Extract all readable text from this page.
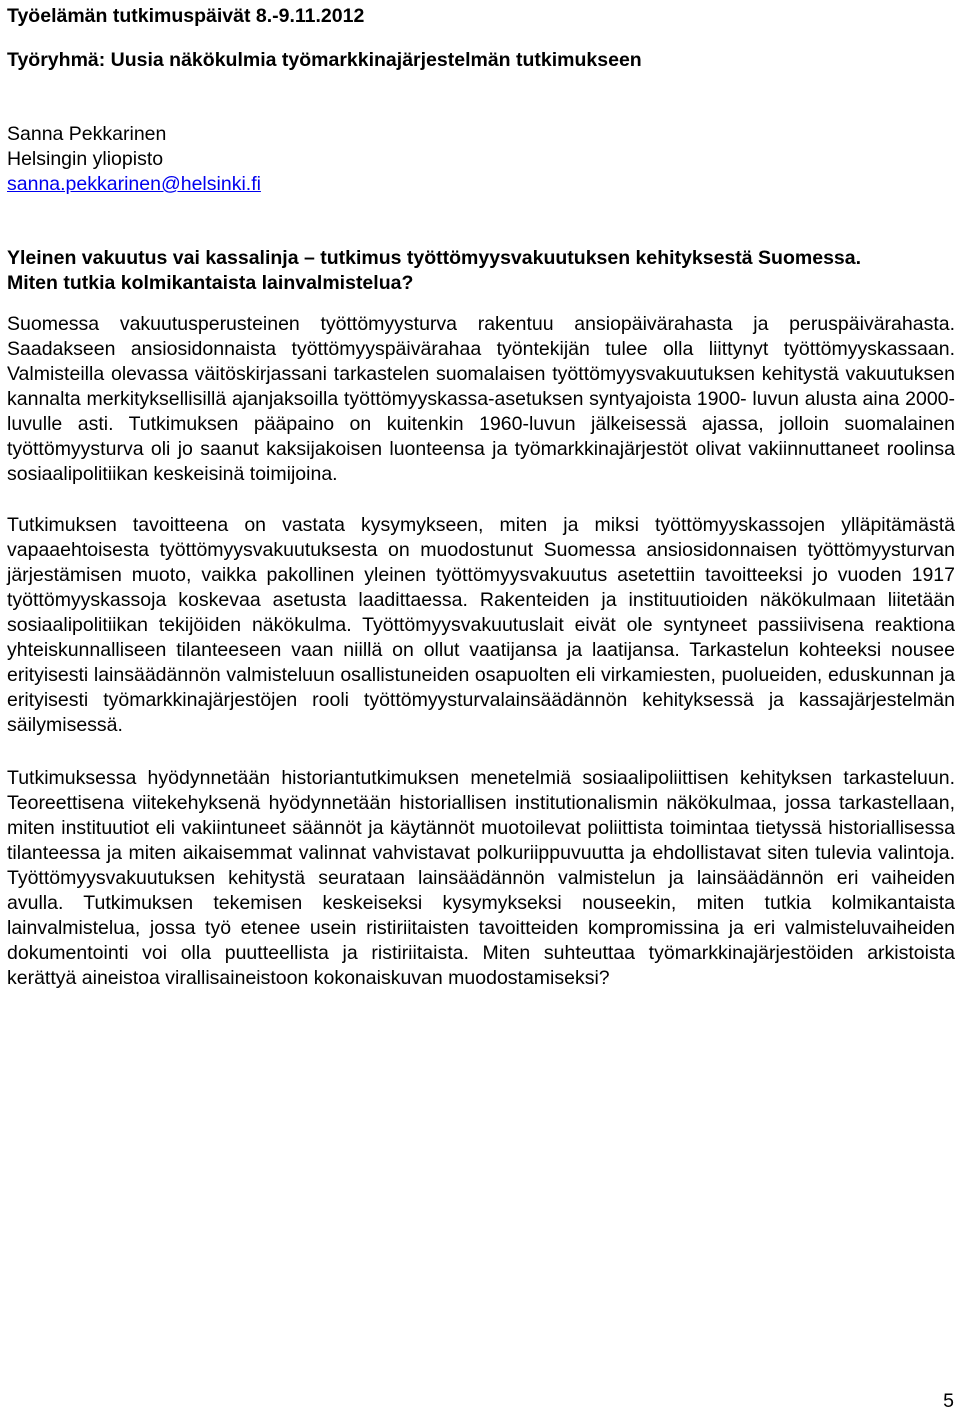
Työelämän tutkimuspäivät 8.-9.11.2012

Työryhmä: Uusia näkökulmia työmarkkinajärjestelmän tutkimukseen

Sanna Pekkarinen

Helsingin yliopisto

sanna.pekkarinen@helsinki.fi

Yleinen vakuutus vai kassalinja – tutkimus työttömyysvakuutuksen kehityksestä Suomessa.

Miten tutkia kolmikantaista lainvalmistelua?

Suomessa vakuutusperusteinen työttömyysturva rakentuu ansiopäivärahasta ja peruspäivärahasta. Saadakseen ansiosidonnaista työttömyyspäivärahaa työntekijän tulee olla liittynyt työttömyyskassaan. Valmisteilla olevassa väitöskirjassani tarkastelen suomalaisen työttömyysvakuutuksen kehitystä vakuutuksen kannalta merkityksellisillä ajanjaksoilla työttömyyskassa-asetuksen syntyajoista 1900- luvun alusta aina 2000-luvulle asti. Tutkimuksen pääpaino on kuitenkin 1960-luvun jälkeisessä ajassa, jolloin suomalainen työttömyysturva oli jo saanut kaksijakoisen luonteensa ja työmarkkinajärjestöt olivat vakiinnuttaneet roolinsa sosiaalipolitiikan keskeisinä toimijoina.

Tutkimuksen tavoitteena on vastata kysymykseen, miten ja miksi työttömyyskassojen ylläpitämästä vapaaehtoisesta työttömyysvakuutuksesta on muodostunut Suomessa ansiosidonnaisen työttömyysturvan järjestämisen muoto, vaikka pakollinen yleinen työttömyysvakuutus asetettiin tavoitteeksi jo vuoden 1917 työttömyyskassoja koskevaa asetusta laadittaessa. Rakenteiden ja instituutioiden näkökulmaan liitetään sosiaalipolitiikan tekijöiden näkökulma. Työttömyysvakuutuslait eivät ole syntyneet passiivisena reaktiona yhteiskunnalliseen tilanteeseen vaan niillä on ollut vaatijansa ja laatijansa. Tarkastelun kohteeksi nousee erityisesti lainsäädännön valmisteluun osallistuneiden osapuolten eli virkamiesten, puolueiden, eduskunnan ja erityisesti työmarkkinajärjestöjen rooli työttömyysturvalainsäädännön kehityksessä ja kassajärjestelmän säilymisessä.

Tutkimuksessa hyödynnetään historiantutkimuksen menetelmiä sosiaalipoliittisen kehityksen tarkasteluun. Teoreettisena viitekehyksenä hyödynnetään historiallisen institutionalismin näkökulmaa, jossa tarkastellaan, miten instituutiot eli vakiintuneet säännöt ja käytännöt muotoilevat poliittista toimintaa tietyssä historiallisessa tilanteessa ja miten aikaisemmat valinnat vahvistavat polkuriippuvuutta ja ehdollistavat siten tulevia valintoja. Työttömyysvakuutuksen kehitystä seurataan lainsäädännön valmistelun ja lainsäädännön eri vaiheiden avulla. Tutkimuksen tekemisen keskeiseksi kysymykseksi nouseekin, miten tutkia kolmikantaista lainvalmistelua, jossa työ etenee usein ristiriitaisten tavoitteiden kompromissina ja eri valmisteluvaiheiden dokumentointi voi olla puutteellista ja ristiriitaista. Miten suhteuttaa työmarkkinajärjestöiden arkistoista kerättyä aineistoa virallisaineistoon kokonaiskuvan muodostamiseksi?

5
